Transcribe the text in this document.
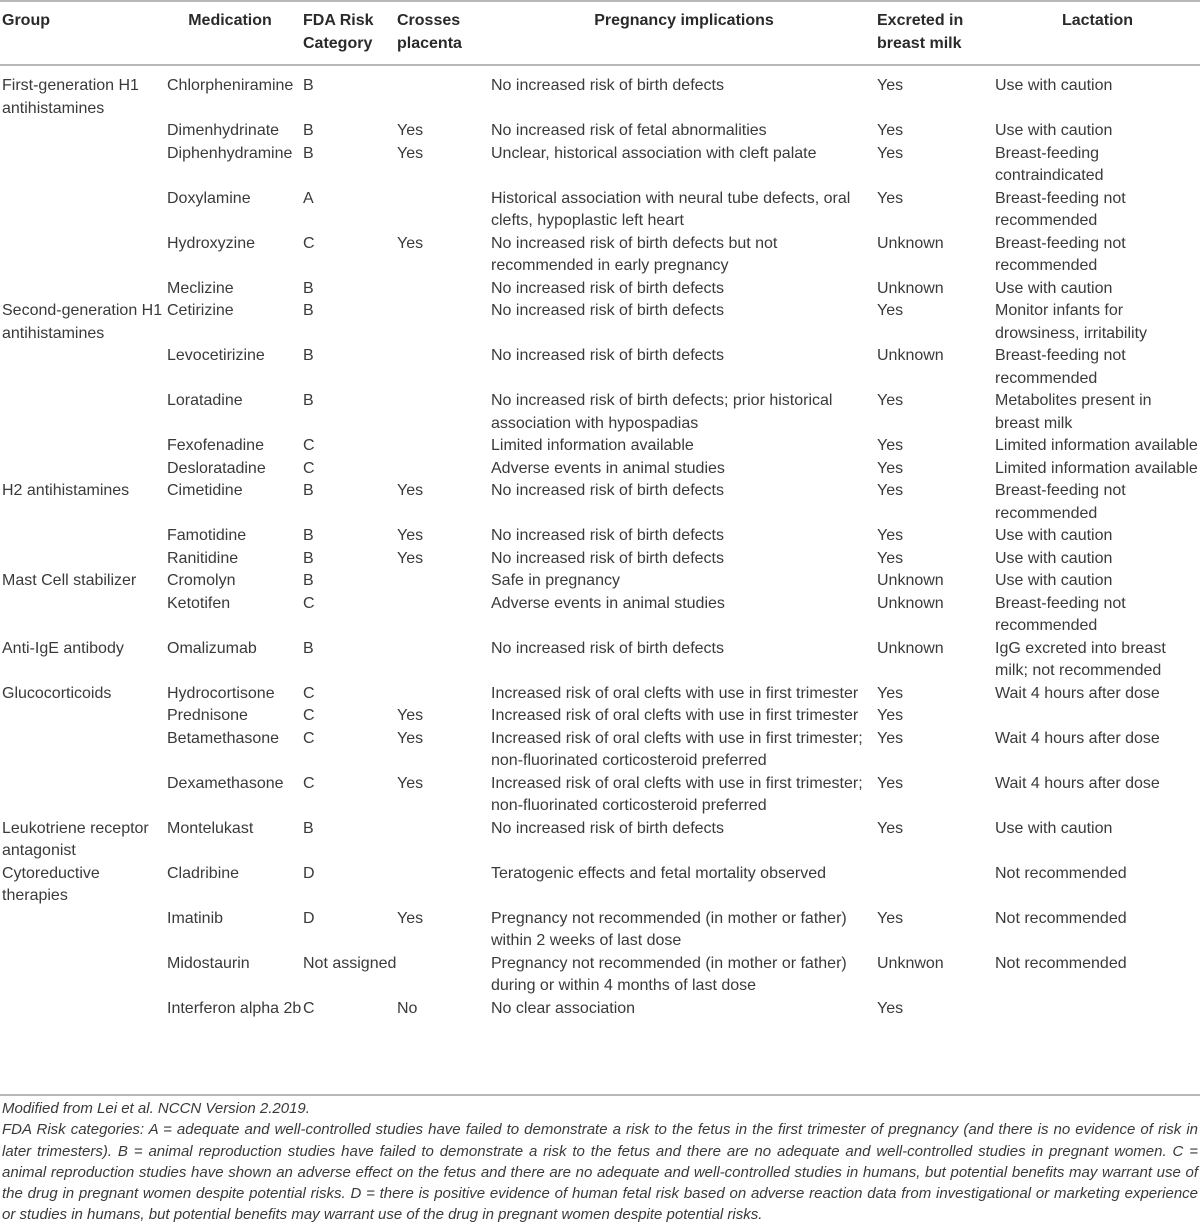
Group	Medication	FDA Risk Category	Crosses placenta	Pregnancy implications	Excreted in breast milk	Lactation
First-generation H1 antihistamines	Chlorpheniramine	B		No increased risk of birth defects	Yes	Use with caution
	Dimenhydrinate	B	Yes	No increased risk of fetal abnormalities	Yes	Use with caution
	Diphenhydramine	B	Yes	Unclear, historical association with cleft palate	Yes	Breast-feeding contraindicated
	Doxylamine	A		Historical association with neural tube defects, oral clefts, hypoplastic left heart	Yes	Breast-feeding not recommended
	Hydroxyzine	C	Yes	No increased risk of birth defects but not recommended in early pregnancy	Unknown	Breast-feeding not recommended
	Meclizine	B		No increased risk of birth defects	Unknown	Use with caution
Second-generation H1 antihistamines	Cetirizine	B		No increased risk of birth defects	Yes	Monitor infants for drowsiness, irritability
	Levocetirizine	B		No increased risk of birth defects	Unknown	Breast-feeding not recommended
	Loratadine	B		No increased risk of birth defects; prior historical association with hypospadias	Yes	Metabolites present in breast milk
	Fexofenadine	C		Limited information available	Yes	Limited information available
	Desloratadine	C		Adverse events in animal studies	Yes	Limited information available
H2 antihistamines	Cimetidine	B	Yes	No increased risk of birth defects	Yes	Breast-feeding not recommended
	Famotidine	B	Yes	No increased risk of birth defects	Yes	Use with caution
	Ranitidine	B	Yes	No increased risk of birth defects	Yes	Use with caution
Mast Cell stabilizer	Cromolyn	B		Safe in pregnancy	Unknown	Use with caution
	Ketotifen	C		Adverse events in animal studies	Unknown	Breast-feeding not recommended
Anti-IgE antibody	Omalizumab	B		No increased risk of birth defects	Unknown	IgG excreted into breast milk; not recommended
Glucocorticoids	Hydrocortisone	C		Increased risk of oral clefts with use in first trimester	Yes	Wait 4 hours after dose
	Prednisone	C	Yes	Increased risk of oral clefts with use in first trimester	Yes	
	Betamethasone	C	Yes	Increased risk of oral clefts with use in first trimester; non-fluorinated corticosteroid preferred	Yes	Wait 4 hours after dose
	Dexamethasone	C	Yes	Increased risk of oral clefts with use in first trimester; non-fluorinated corticosteroid preferred	Yes	Wait 4 hours after dose
Leukotriene receptor antagonist	Montelukast	B		No increased risk of birth defects	Yes	Use with caution
Cytoreductive therapies	Cladribine	D		Teratogenic effects and fetal mortality observed		Not recommended
	Imatinib	D	Yes	Pregnancy not recommended (in mother or father) within 2 weeks of last dose	Yes	Not recommended
	Midostaurin	Not assigned		Pregnancy not recommended (in mother or father) during or within 4 months of last dose	Unknwon	Not recommended
	Interferon alpha 2b	C	No	No clear association	Yes	

Modified from Lei et al. NCCN Version 2.2019.

FDA Risk categories: A = adequate and well-controlled studies have failed to demonstrate a risk to the fetus in the first trimester of pregnancy (and there is no evidence of risk in later trimesters). B = animal reproduction studies have failed to demonstrate a risk to the fetus and there are no adequate and well-controlled studies in pregnant women. C = animal reproduction studies have shown an adverse effect on the fetus and there are no adequate and well-controlled studies in humans, but potential benefits may warrant use of the drug in pregnant women despite potential risks. D = there is positive evidence of human fetal risk based on adverse reaction data from investigational or marketing experience or studies in humans, but potential benefits may warrant use of the drug in pregnant women despite potential risks.
